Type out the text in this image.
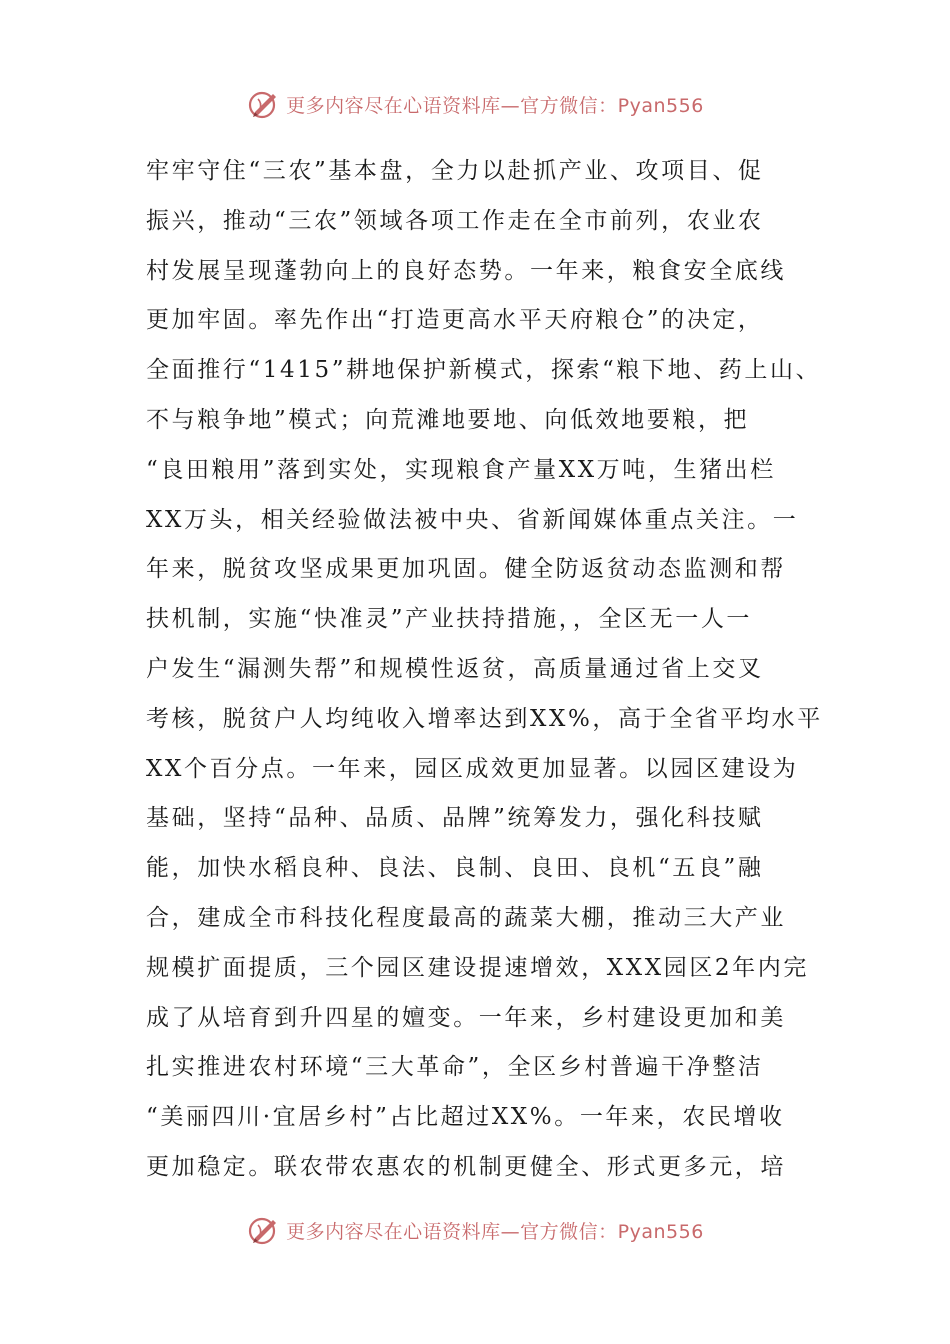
更多内容尽在心语资料库—官方微信：Pyan556
牢牢守住“三农”基本盘，全力以赴抓产业、攻项目、促
振兴，推动“三农”领域各项工作走在全市前列，农业农
村发展呈现蓬勃向上的良好态势。一年来，粮食安全底线
更加牢固。率先作出“打造更高水平天府粮仓”的决定，
全面推行“1415”耕地保护新模式，探索“粮下地、药上山、
不与粮争地”模式；向荒滩地要地、向低效地要粮，把
“良田粮用”落到实处，实现粮食产量XX万吨，生猪出栏
XX万头，相关经验做法被中央、省新闻媒体重点关注。一
年来，脱贫攻坚成果更加巩固。健全防返贫动态监测和帮
扶机制，实施“快准灵”产业扶持措施，，全区无一人一
户发生“漏测失帮”和规模性返贫，高质量通过省上交叉
考核，脱贫户人均纯收入增率达到XX%，高于全省平均水平
XX个百分点。一年来，园区成效更加显著。以园区建设为
基础，坚持“品种、品质、品牌”统筹发力，强化科技赋
能，加快水稻良种、良法、良制、良田、良机“五良”融
合，建成全市科技化程度最高的蔬菜大棚，推动三大产业
规模扩面提质，三个园区建设提速增效，XXX园区2年内完
成了从培育到升四星的嬗变。一年来，乡村建设更加和美
扎实推进农村环境“三大革命”，全区乡村普遍干净整洁
“美丽四川·宜居乡村”占比超过XX%。一年来，农民增收
更加稳定。联农带农惠农的机制更健全、形式更多元，培
更多内容尽在心语资料库—官方微信：Pyan556
